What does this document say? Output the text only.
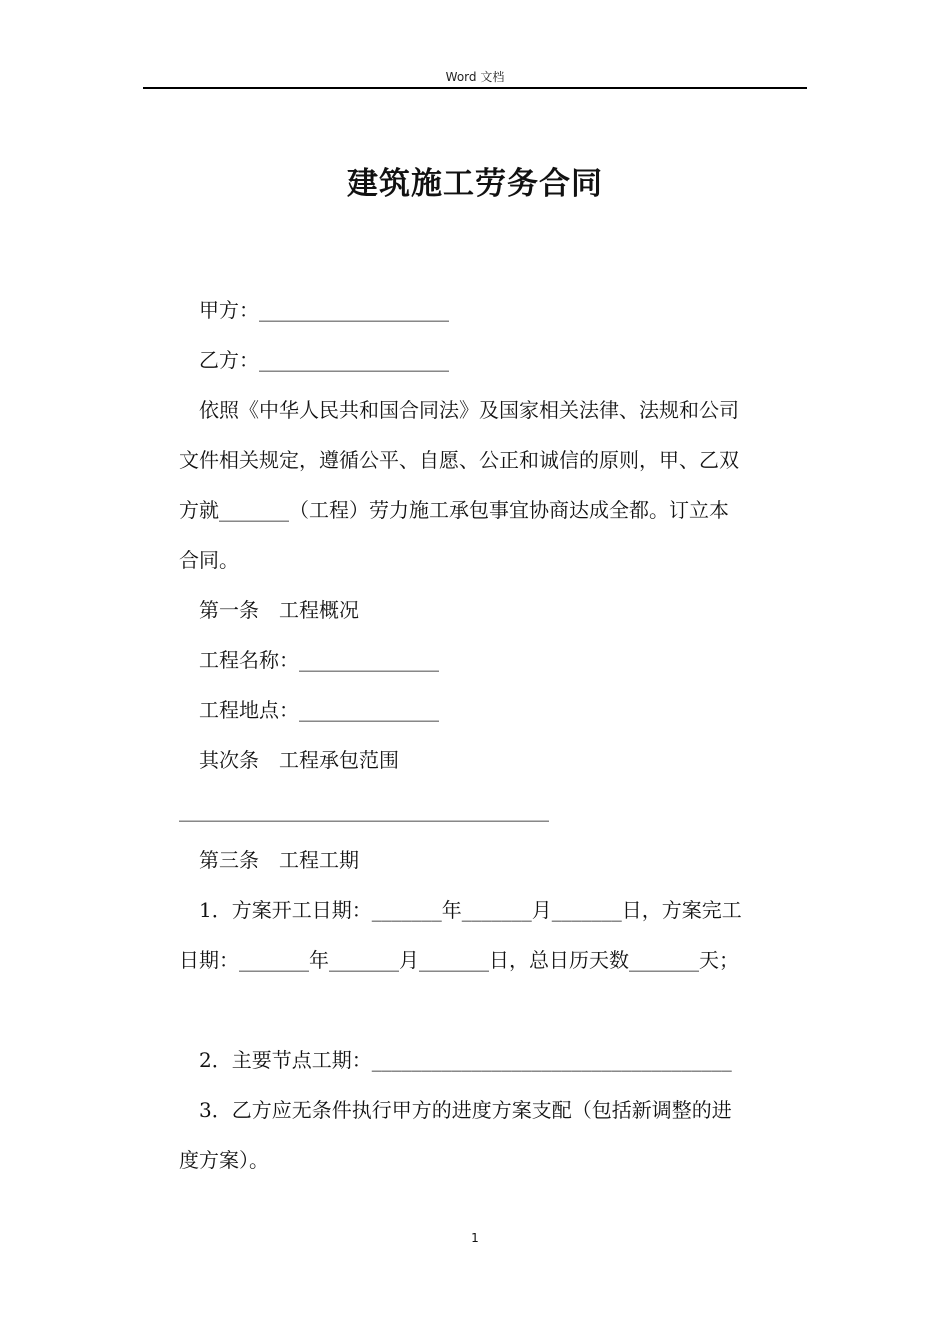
Word 文档
建筑施工劳务合同
甲方：___________________
乙方：___________________
依照《中华人民共和国合同法》及国家相关法律、法规和公司
文件相关规定，遵循公平、自愿、公正和诚信的原则，甲、乙双
方就_______（工程）劳力施工承包事宜协商达成全都。订立本
合同。
第一条　工程概况
工程名称：______________
工程地点：______________
其次条　工程承包范围
_____________________________________
第三条　工程工期
1．方案开工日期：_______年_______月_______日，方案完工
日期：_______年_______月_______日，总日历天数_______天；
2．主要节点工期：____________________________________
3．乙方应无条件执行甲方的进度方案支配（包括新调整的进
度方案）。
1
